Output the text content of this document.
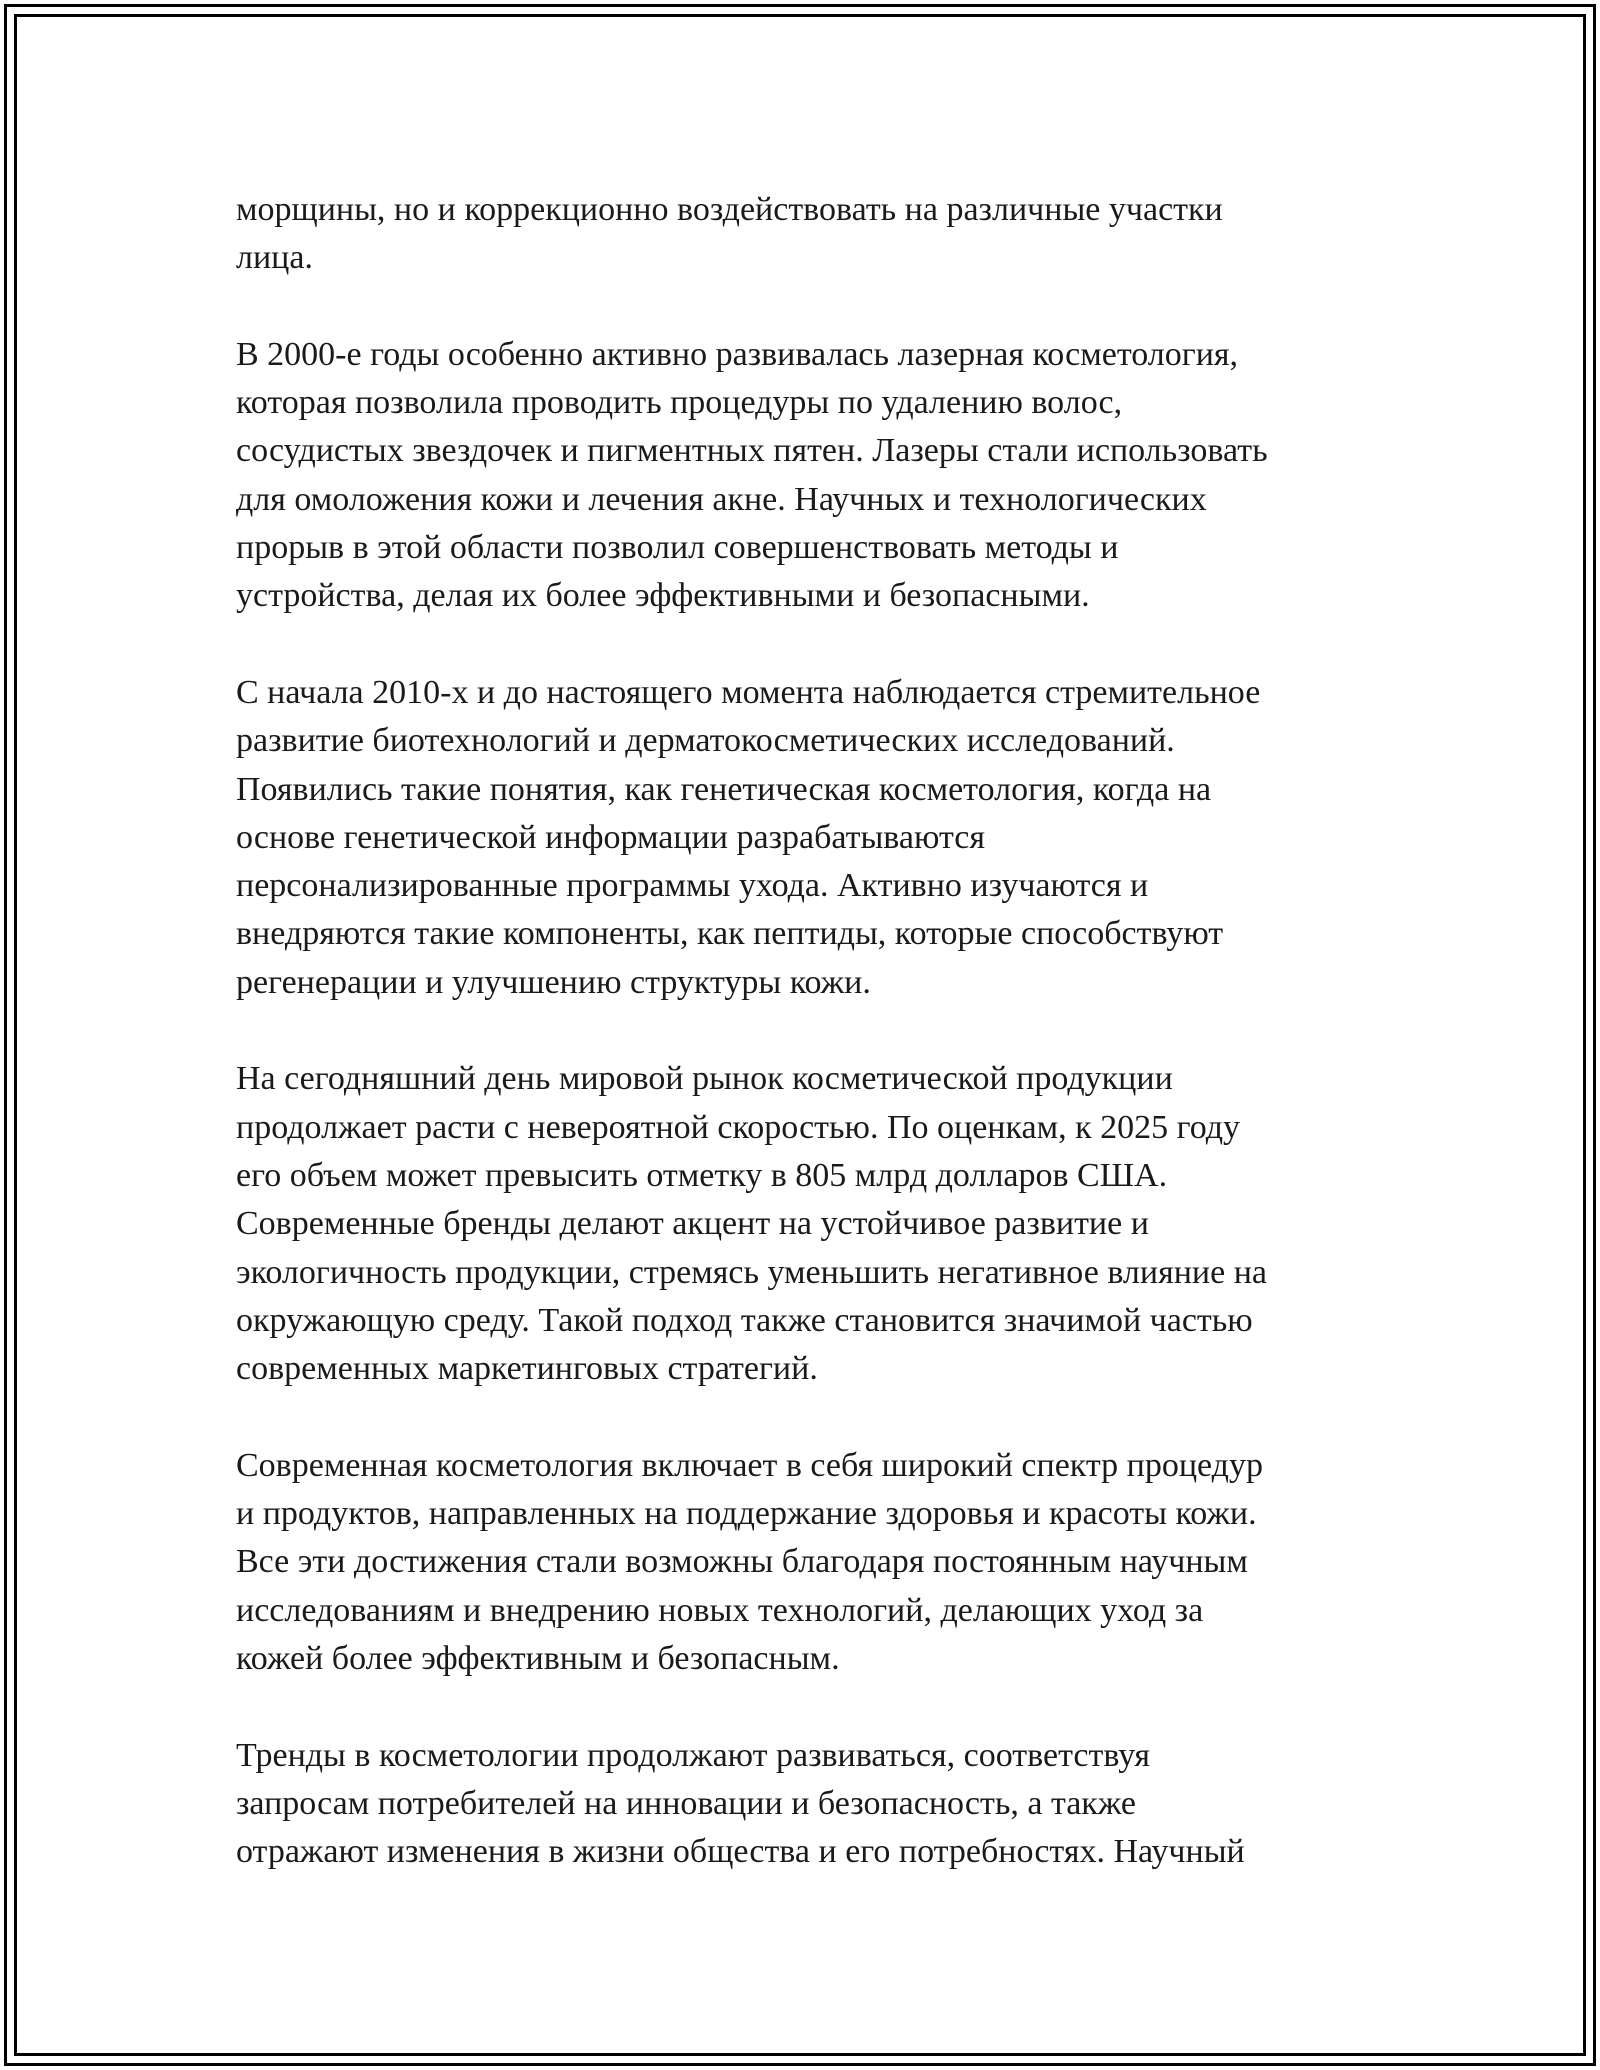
морщины, но и коррекционно воздействовать на различные участки
лица.

В 2000-е годы особенно активно развивалась лазерная косметология,
которая позволила проводить процедуры по удалению волос,
сосудистых звездочек и пигментных пятен. Лазеры стали использовать
для омоложения кожи и лечения акне. Научных и технологических
прорыв в этой области позволил совершенствовать методы и
устройства, делая их более эффективными и безопасными.

С начала 2010-х и до настоящего момента наблюдается стремительное
развитие биотехнологий и дерматокосметических исследований.
Появились такие понятия, как генетическая косметология, когда на
основе генетической информации разрабатываются
персонализированные программы ухода. Активно изучаются и
внедряются такие компоненты, как пептиды, которые способствуют
регенерации и улучшению структуры кожи.

На сегодняшний день мировой рынок косметической продукции
продолжает расти с невероятной скоростью. По оценкам, к 2025 году
его объем может превысить отметку в 805 млрд долларов США.
Современные бренды делают акцент на устойчивое развитие и
экологичность продукции, стремясь уменьшить негативное влияние на
окружающую среду. Такой подход также становится значимой частью
современных маркетинговых стратегий.

Современная косметология включает в себя широкий спектр процедур
и продуктов, направленных на поддержание здоровья и красоты кожи.
Все эти достижения стали возможны благодаря постоянным научным
исследованиям и внедрению новых технологий, делающих уход за
кожей более эффективным и безопасным.

Тренды в косметологии продолжают развиваться, соответствуя
запросам потребителей на инновации и безопасность, а также
отражают изменения в жизни общества и его потребностях. Научный
